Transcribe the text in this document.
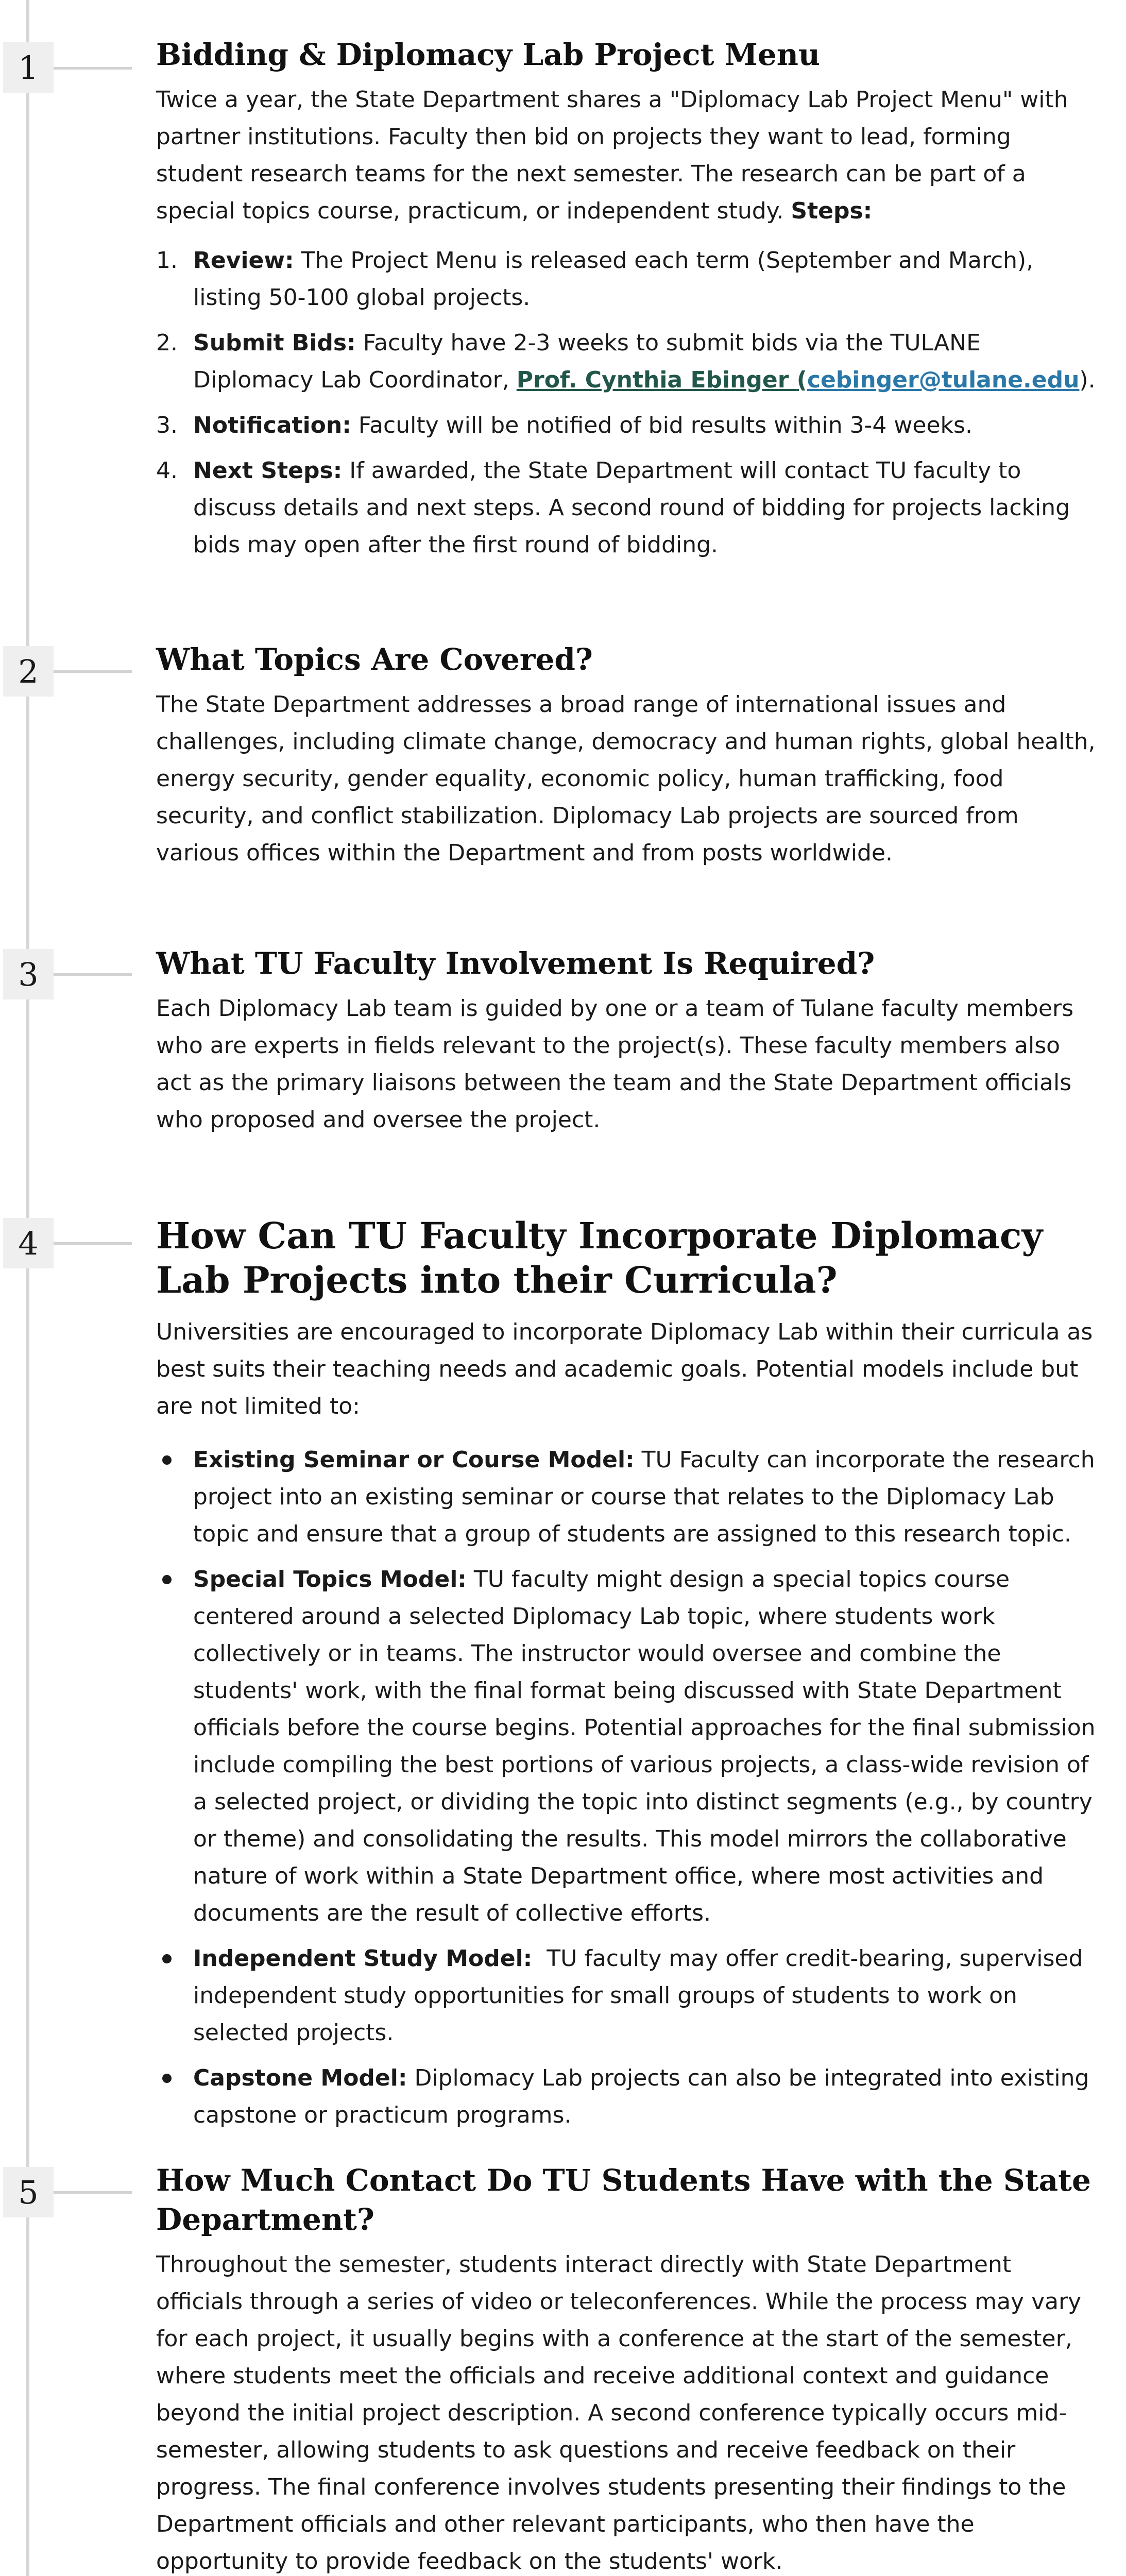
1	Bidding & Diplomacy Lab Project Menu

Twice a year, the State Department shares a "Diplomacy Lab Project Menu" with partner institutions. Faculty then bid on projects they want to lead, forming student research teams for the next semester. The research can be part of a special topics course, practicum, or independent study. Steps:

1. Review: The Project Menu is released each term (September and March), listing 50-100 global projects.
2. Submit Bids: Faculty have 2-3 weeks to submit bids via the TULANE Diplomacy Lab Coordinator, Prof. Cynthia Ebinger (cebinger@tulane.edu).
3. Notification: Faculty will be notified of bid results within 3-4 weeks.
4. Next Steps: If awarded, the State Department will contact TU faculty to discuss details and next steps. A second round of bidding for projects lacking bids may open after the first round of bidding.
2	What Topics Are Covered?

The State Department addresses a broad range of international issues and challenges, including climate change, democracy and human rights, global health, energy security, gender equality, economic policy, human trafficking, food security, and conflict stabilization. Diplomacy Lab projects are sourced from various offices within the Department and from posts worldwide.

3	What TU Faculty Involvement Is Required?

Each Diplomacy Lab team is guided by one or a team of Tulane faculty members who are experts in fields relevant to the project(s). These faculty members also act as the primary liaisons between the team and the State Department officials who proposed and oversee the project.

4	How Can TU Faculty Incorporate Diplomacy Lab Projects into their Curricula?

Universities are encouraged to incorporate Diplomacy Lab within their curricula as best suits their teaching needs and academic goals. Potential models include but are not limited to:

Existing Seminar or Course Model: TU Faculty can incorporate the research project into an existing seminar or course that relates to the Diplomacy Lab topic and ensure that a group of students are assigned to this research topic.
Special Topics Model: TU faculty might design a special topics course centered around a selected Diplomacy Lab topic, where students work collectively or in teams. The instructor would oversee and combine the students' work, with the final format being discussed with State Department officials before the course begins. Potential approaches for the final submission include compiling the best portions of various projects, a class-wide revision of a selected project, or dividing the topic into distinct segments (e.g., by country or theme) and consolidating the results. This model mirrors the collaborative nature of work within a State Department office, where most activities and documents are the result of collective efforts.
Independent Study Model: TU faculty may offer credit-bearing, supervised independent study opportunities for small groups of students to work on selected projects.
Capstone Model: Diplomacy Lab projects can also be integrated into existing capstone or practicum programs.
5	How Much Contact Do TU Students Have with the State Department?

Throughout the semester, students interact directly with State Department officials through a series of video or teleconferences. While the process may vary for each project, it usually begins with a conference at the start of the semester, where students meet the officials and receive additional context and guidance beyond the initial project description. A second conference typically occurs mid-semester, allowing students to ask questions and receive feedback on their progress. The final conference involves students presenting their findings to the Department officials and other relevant participants, who then have the opportunity to provide feedback on the students' work.
